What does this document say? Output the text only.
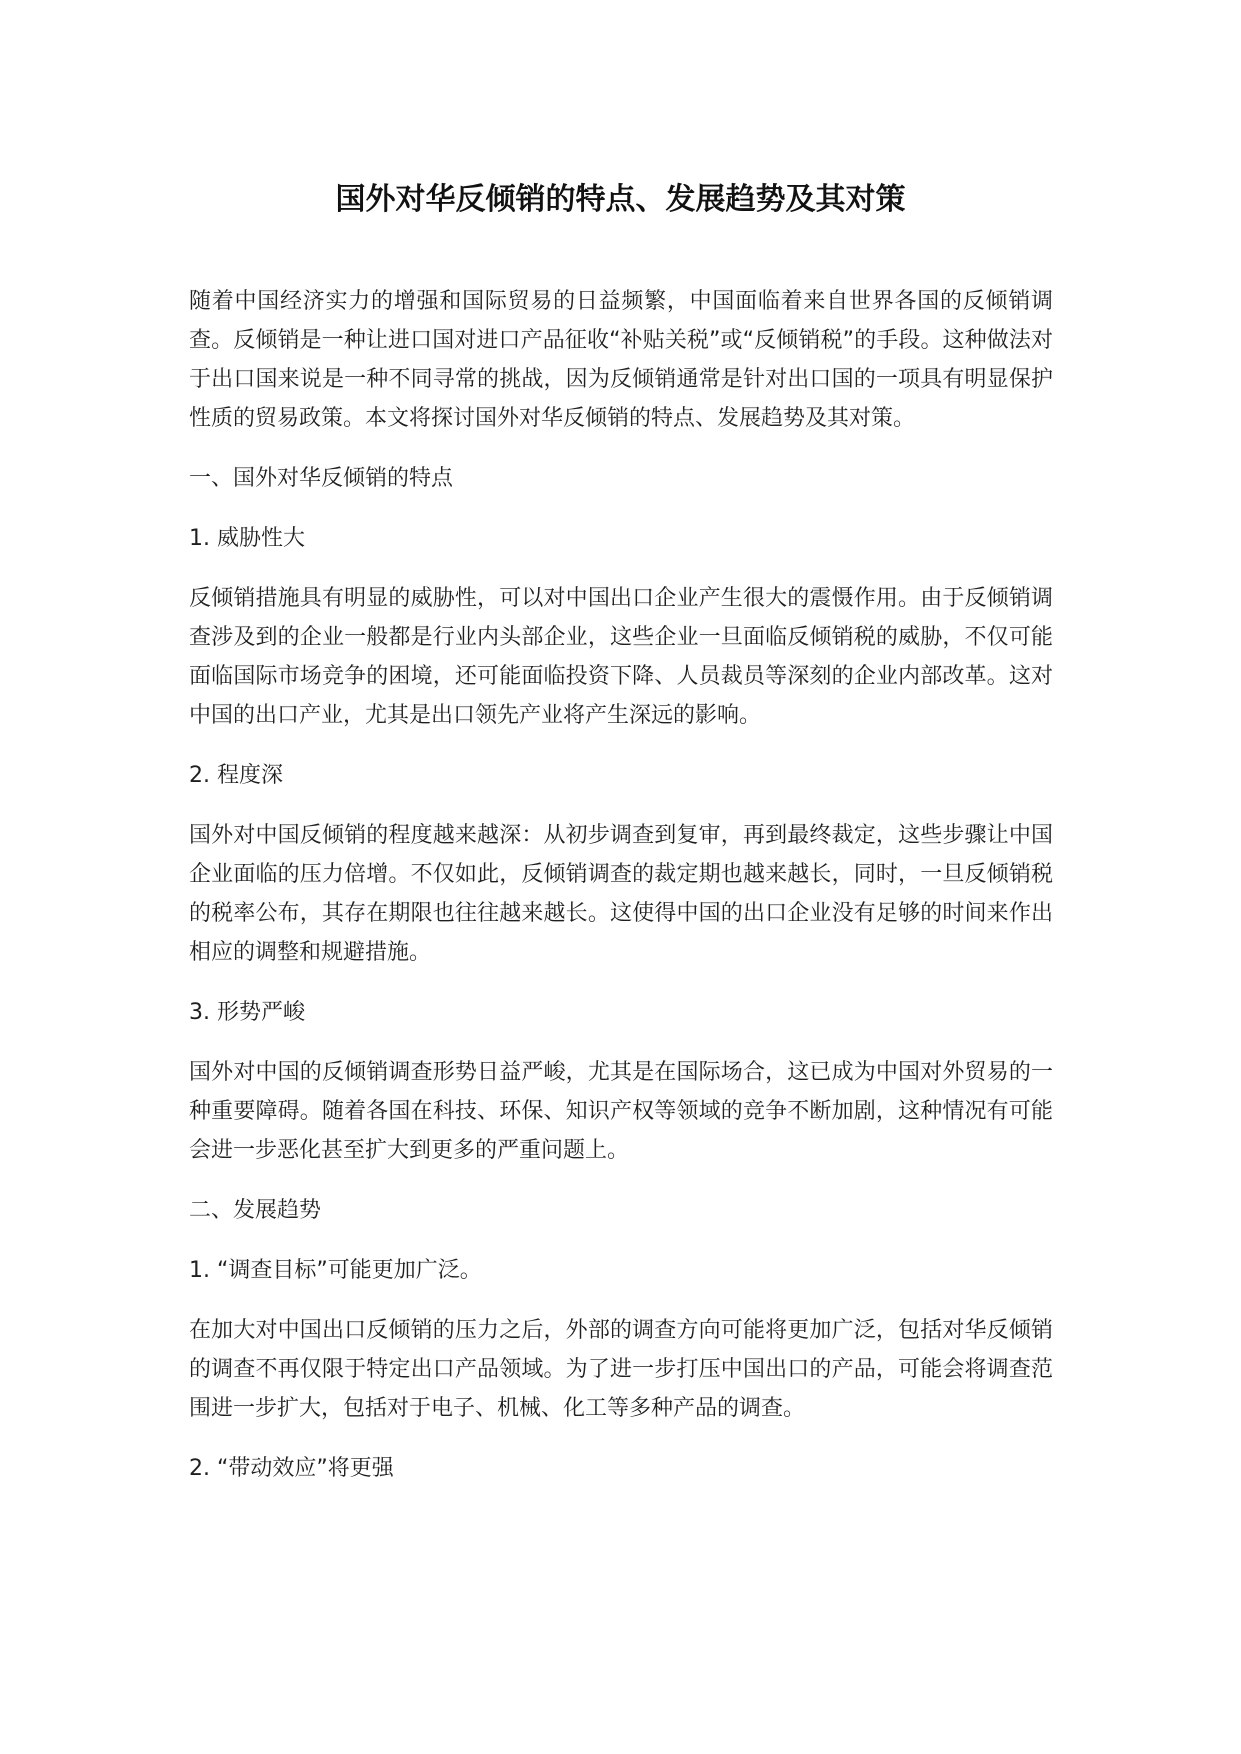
国外对华反倾销的特点、发展趋势及其对策

随着中国经济实力的增强和国际贸易的日益频繁，中国面临着来自世界各国的反倾销调查。反倾销是一种让进口国对进口产品征收“补贴关税”或“反倾销税”的手段。这种做法对于出口国来说是一种不同寻常的挑战，因为反倾销通常是针对出口国的一项具有明显保护性质的贸易政策。本文将探讨国外对华反倾销的特点、发展趋势及其对策。

一、国外对华反倾销的特点

1. 威胁性大

反倾销措施具有明显的威胁性，可以对中国出口企业产生很大的震慑作用。由于反倾销调查涉及到的企业一般都是行业内头部企业，这些企业一旦面临反倾销税的威胁，不仅可能面临国际市场竞争的困境，还可能面临投资下降、人员裁员等深刻的企业内部改革。这对中国的出口产业，尤其是出口领先产业将产生深远的影响。

2. 程度深

国外对中国反倾销的程度越来越深：从初步调查到复审，再到最终裁定，这些步骤让中国企业面临的压力倍增。不仅如此，反倾销调查的裁定期也越来越长，同时，一旦反倾销税的税率公布，其存在期限也往往越来越长。这使得中国的出口企业没有足够的时间来作出相应的调整和规避措施。

3. 形势严峻

国外对中国的反倾销调查形势日益严峻，尤其是在国际场合，这已成为中国对外贸易的一种重要障碍。随着各国在科技、环保、知识产权等领域的竞争不断加剧，这种情况有可能会进一步恶化甚至扩大到更多的严重问题上。

二、发展趋势

1. “调查目标”可能更加广泛。

在加大对中国出口反倾销的压力之后，外部的调查方向可能将更加广泛，包括对华反倾销的调查不再仅限于特定出口产品领域。为了进一步打压中国出口的产品，可能会将调查范围进一步扩大，包括对于电子、机械、化工等多种产品的调查。

2. “带动效应”将更强
